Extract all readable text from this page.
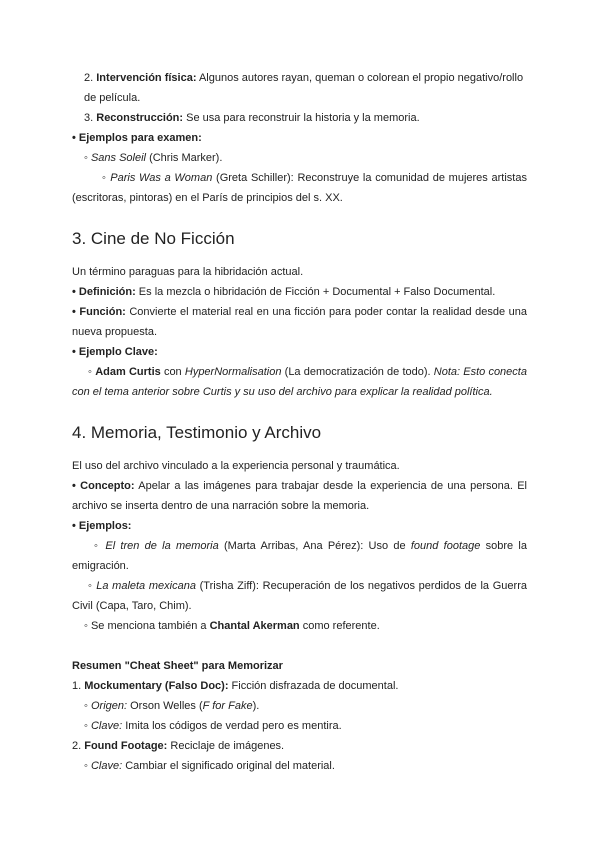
2. Intervención física: Algunos autores rayan, queman o colorean el propio negativo/rollo de película.

3. Reconstrucción: Se usa para reconstruir la historia y la memoria.

• Ejemplos para examen:

◦ Sans Soleil (Chris Marker).

◦ Paris Was a Woman (Greta Schiller): Reconstruye la comunidad de mujeres artistas (escritoras, pintoras) en el París de principios del s. XX.

3. Cine de No Ficción

Un término paraguas para la hibridación actual.

• Definición: Es la mezcla o hibridación de Ficción + Documental + Falso Documental.

• Función: Convierte el material real en una ficción para poder contar la realidad desde una nueva propuesta.

• Ejemplo Clave:

◦ Adam Curtis con HyperNormalisation (La democratización de todo). Nota: Esto conecta con el tema anterior sobre Curtis y su uso del archivo para explicar la realidad política.

4. Memoria, Testimonio y Archivo

El uso del archivo vinculado a la experiencia personal y traumática.

• Concepto: Apelar a las imágenes para trabajar desde la experiencia de una persona. El archivo se inserta dentro de una narración sobre la memoria.

• Ejemplos:

◦ El tren de la memoria (Marta Arribas, Ana Pérez): Uso de found footage sobre la emigración.

◦ La maleta mexicana (Trisha Ziff): Recuperación de los negativos perdidos de la Guerra Civil (Capa, Taro, Chim).

◦ Se menciona también a Chantal Akerman como referente.

Resumen "Cheat Sheet" para Memorizar

1. Mockumentary (Falso Doc): Ficción disfrazada de documental.

◦ Origen: Orson Welles (F for Fake).

◦ Clave: Imita los códigos de verdad pero es mentira.

2. Found Footage: Reciclaje de imágenes.

◦ Clave: Cambiar el significado original del material.
